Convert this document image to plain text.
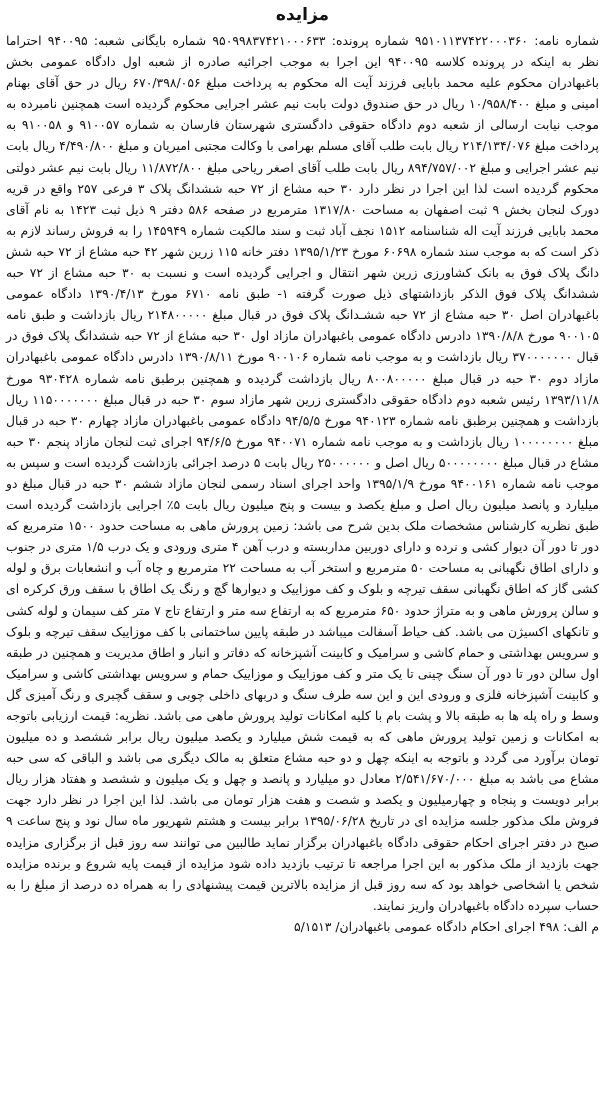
مزایده

شماره نامه: ۹۵۱۰۱۱۳۷۴۲۲۰۰۰۳۶۰ شماره پرونده: ۹۵۰۹۹۸۳۷۴۲۱۰۰۰۶۳۳ شماره بایگانی شعبه: ۹۴۰۰۹۵ احتراما نظر به اینکه در پرونده کلاسه ۹۴۰۰۹۵ این اجرا به موجب اجرائیه صادره از شعبه اول دادگاه عمومی بخش باغبهادران محکوم علیه محمد بابایی فرزند آیت اله محکوم به پرداخت مبلغ ۶۷۰/۳۹۸/۰۵۶ ریال در حق آقای بهنام امینی و مبلغ ۱۰/۹۵۸/۴۰۰ ریال در حق صندوق دولت بابت نیم عشر اجرایی محکوم گردیده است همچنین نامبرده به موجب نیابت ارسالی از شعبه دوم دادگاه حقوقی دادگستری شهرستان فارسان به شماره ۹۱۰۰۵۷ و ۹۱۰۰۵۸ به پرداخت مبلغ ۲۱۴/۱۳۴/۰۷۶ ریال بابت طلب آقای مسلم بهرامی با وکالت مجتبی امیریان و مبلغ ۴/۴۹۰/۸۰۰ ریال بابت نیم عشر اجرایی و مبلغ ۸۹۴/۷۵۷/۰۰۲ ریال بابت طلب آقای اصغر ریاحی مبلغ ۱۱/۸۷۲/۸۰۰ ریال بابت نیم عشر دولتی محکوم گردیده است لذا این اجرا در نظر دارد ۳۰ حبه مشاع از ۷۲ حبه ششدانگ پلاک ۳ فرعی ۲۵۷ واقع در قریه دورک لنجان بخش ۹ ثبت اصفهان به مساحت ۱۳۱۷/۸۰ مترمربع در صفحه ۵۸۶ دفتر ۹ ذیل ثبت ۱۴۲۳ به نام آقای محمد بابایی فرزند آیت اله شناسنامه ۱۵۱۲ نجف آباد ثبت و سند مالکیت شماره ۱۴۵۹۴۹ را به فروش رساند لازم به ذکر است که به موجب سند شماره ۶۰۶۹۸ مورخ ۱۳۹۵/۱/۲۳ دفتر خانه ۱۱۵ زرین شهر ۴۲ حبه مشاع از ۷۲ حبه شش دانگ پلاک فوق به بانک کشاورزی زرین شهر انتقال و اجرایی گردیده است و نسبت به ۳۰ حبه مشاع از ۷۲ حبه ششدانگ پلاک فوق الذکر بازداشتهای ذیل صورت گرفته ۱- طبق نامه ۶۷۱۰ مورخ ۱۳۹۰/۴/۱۳ دادگاه عمومی باغبهادران اصل ۳۰ حبه مشاع از ۷۲ حبه ششـدانگ پلاک فوق در قبال مبلغ ۲۱۴۸۰۰۰۰۰ ریال بازداشت و طبق نامه ۹۰۰۱۰۵ مورخ ۱۳۹۰/۸/۸ دادرس دادگاه عمومی باغبهادران مازاد اول ۳۰ حبه مشاع از ۷۲ حبه ششدانگ پلاک فوق در قبال ۳۷۰۰۰۰۰۰۰ ریال بازداشت و به موجب نامه شماره ۹۰۰۱۰۶ مورخ ۱۳۹۰/۸/۱۱ دادرس دادگاه عمومی باغبهادران مازاد دوم ۳۰ حبه در قبال مبلغ ۸۰۰۸۰۰۰۰۰ ریال بازداشت گردیده و همچنین برطبق نامه شماره ۹۳۰۴۲۸ مورخ ۱۳۹۳/۱۱/۸ رئیس شعبه دوم دادگاه حقوقی دادگستری زرین شهر مازاد سوم ۳۰ حبه در قبال مبلغ ۱۱۵۰۰۰۰۰۰۰ ریال بازداشت و همچنین برطبق نامه شماره ۹۴۰۱۲۳ مورخ ۹۴/۵/۵ دادگاه عمومی باغبهادران مازاد چهارم ۳۰ حبه در قبال مبلغ ۱۰۰۰۰۰۰۰۰ ریال بازداشت و به موجب نامه شماره ۹۴۰۰۷۱ مورخ ۹۴/۶/۵ اجرای ثبت لنجان مازاد پنجم ۳۰ حبه مشاع در قبال مبلغ ۵۰۰۰۰۰۰۰۰ ریال اصل و ۲۵۰۰۰۰۰۰ ریال بابت ۵ درصد اجرائی بازداشت گردیده است و سپس به موجب نامه شماره ۹۴۰۰۱۶۱ مورخ ۱۳۹۵/۱/۹ واحد اجرای اسناد رسمی لنجان مازاد ششم ۳۰ حبه در قبال مبلغ دو میلیارد و پانصد میلیون ریال اصل و مبلغ یکصد و بیست و پنج میلیون ریال بابت ۵٪ اجرایی بازداشت گردیده است طبق نظریه کارشناس مشخصات ملک بدین شرح می باشد: زمین پرورش ماهی به مساحت حدود ۱۵۰۰ مترمربع که دور تا دور آن دیوار کشی و نرده و دارای دوربین مداربسته و درب آهن ۴ متری ورودی و یک درب ۱/۵ متری در جنوب و دارای اطاق نگهبانی به مساحت ۵۰ مترمربع و استخر آب به مساحت ۲۲ مترمربع و چاه آب و انشعابات برق و لوله کشی گاز که اطاق نگهبانی سقف تیرچه و بلوک و کف موزاییک و دیوارها گچ و رنگ یک اطاق با سقف ورق کرکره ای و سالن پرورش ماهی و به متراژ حدود ۶۵۰ مترمربع که به ارتفاع سه متر و ارتفاع تاج ۷ متر کف سیمان و لوله کشی و تانکهای اکسیژن می باشد. کف حیاط آسفالت میباشد در طبقه پایین ساختمانی با کف موزاییک سقف تیرچه و بلوک و سرویس بهداشتی و حمام کاشی و سرامیک و کابینت آشپزخانه که دفاتر و انبار و اطاق مدیریت و همچنین در طبقه اول سالن دور تا دور آن سنگ چینی تا یک متر و کف موزاییک و موزاییک حمام و سرویس بهداشتی کاشی و سرامیک و کابینت آشپزخانه فلزی و ورودی این و این سه طرف سنگ و دربهای داخلی چوبی و سقف گچبری و رنگ آمیزی گل وسط و راه پله ها به طبقه بالا و پشت بام با کلیه امکانات تولید پرورش ماهی می باشد. نظریه: قیمت ارزیابی باتوجه به امکانات و زمین تولید پرورش ماهی که به قیمت شش میلیارد و یکصد میلیون ریال برابر ششصد و ده میلیون تومان برآورد می گردد و باتوجه به اینکه چهل و دو حبه مشاع متعلق به مالک دیگری می باشد و الباقی که سی حبه مشاع می باشد به مبلغ ۲/۵۴۱/۶۷۰/۰۰۰ معادل دو میلیارد و پانصد و چهل و یک میلیون و ششصد و هفتاد هزار ریال برابر دویست و پنجاه و چهارمیلیون و یکصد و شصت و هفت هزار تومان می باشد. لذا این اجرا در نظر دارد جهت فروش ملک مذکور جلسه مزایده ای در تاریخ ۱۳۹۵/۰۶/۲۸ برابر بیست و هشتم شهریور ماه سال نود و پنج ساعت ۹ صبح در دفتر اجرای احکام حقوقی دادگاه باغبهادران برگزار نماید طالبین می توانند سه روز قبل از برگزاری مزایده جهت بازدید از ملک مذکور به این اجرا مراجعه تا ترتیب بازدید داده شود مزایده از قیمت پایه شروع و برنده مزایده شخص یا اشخاصی خواهد بود که سه روز قبل از مزایده بالاترین قیمت پیشنهادی را به همراه ده درصد از مبلغ را به حساب سپرده دادگاه باغبهادران واریز نمایند.

م الف: ۴۹۸ اجرای احکام دادگاه عمومی باغبهادران/ ۵/۱۵۱۳
